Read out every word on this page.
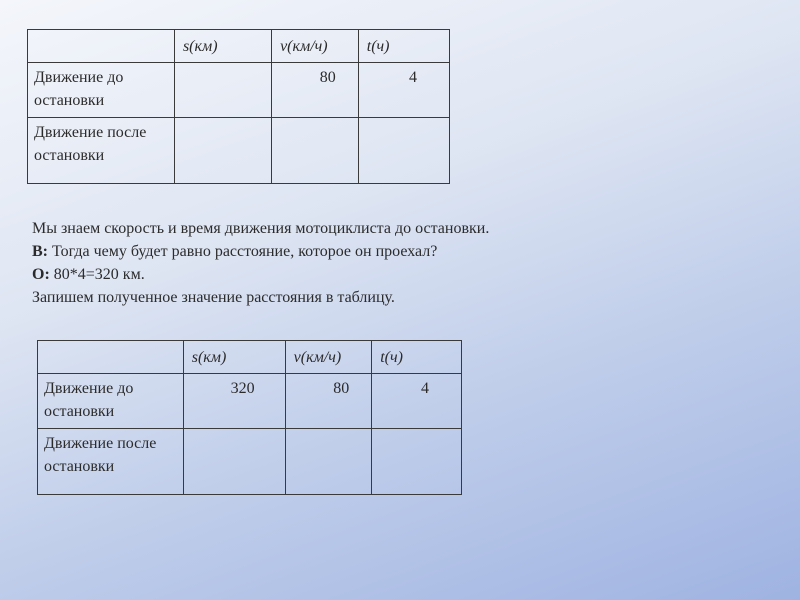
	s(км)	v(км/ч)	t(ч)
Движение до остановки		80	4
Движение после остановки			

Мы знаем скорость и время движения мотоциклиста до остановки.

В: Тогда чему будет равно расстояние, которое он проехал?

О: 80*4=320 км.

Запишем полученное значение расстояния в таблицу.

	s(км)	v(км/ч)	t(ч)
Движение до остановки	320	80	4
Движение после остановки			
